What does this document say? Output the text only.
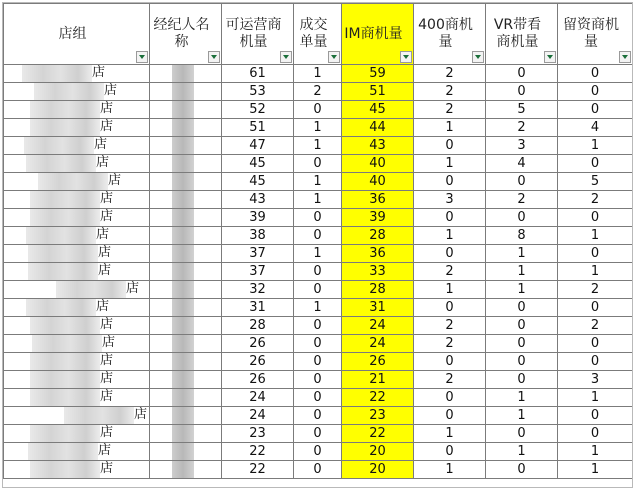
店组	经纪人名称	可运营商机量	成交单量	IM商机量	400商机量	VR带看商机量	留资商机量

店		61	1	59	2	0	0

店		53	2	51	2	0	0

店		52	0	45	2	5	0

店		51	1	44	1	2	4

店		47	1	43	0	3	1

店		45	0	40	1	4	0

店		45	1	40	0	0	5

店		43	1	36	3	2	2

店		39	0	39	0	0	0

店		38	0	28	1	8	1

店		37	1	36	0	1	0

店		37	0	33	2	1	1

店		32	0	28	1	1	2

店		31	1	31	0	0	0

店		28	0	24	2	0	2

店		26	0	24	2	0	0

店		26	0	26	0	0	0

店		26	0	21	2	0	3

店		24	0	22	0	1	1

店		24	0	23	0	1	0

店		23	0	22	1	0	0

店		22	0	20	0	1	1

店		22	0	20	1	0	1
